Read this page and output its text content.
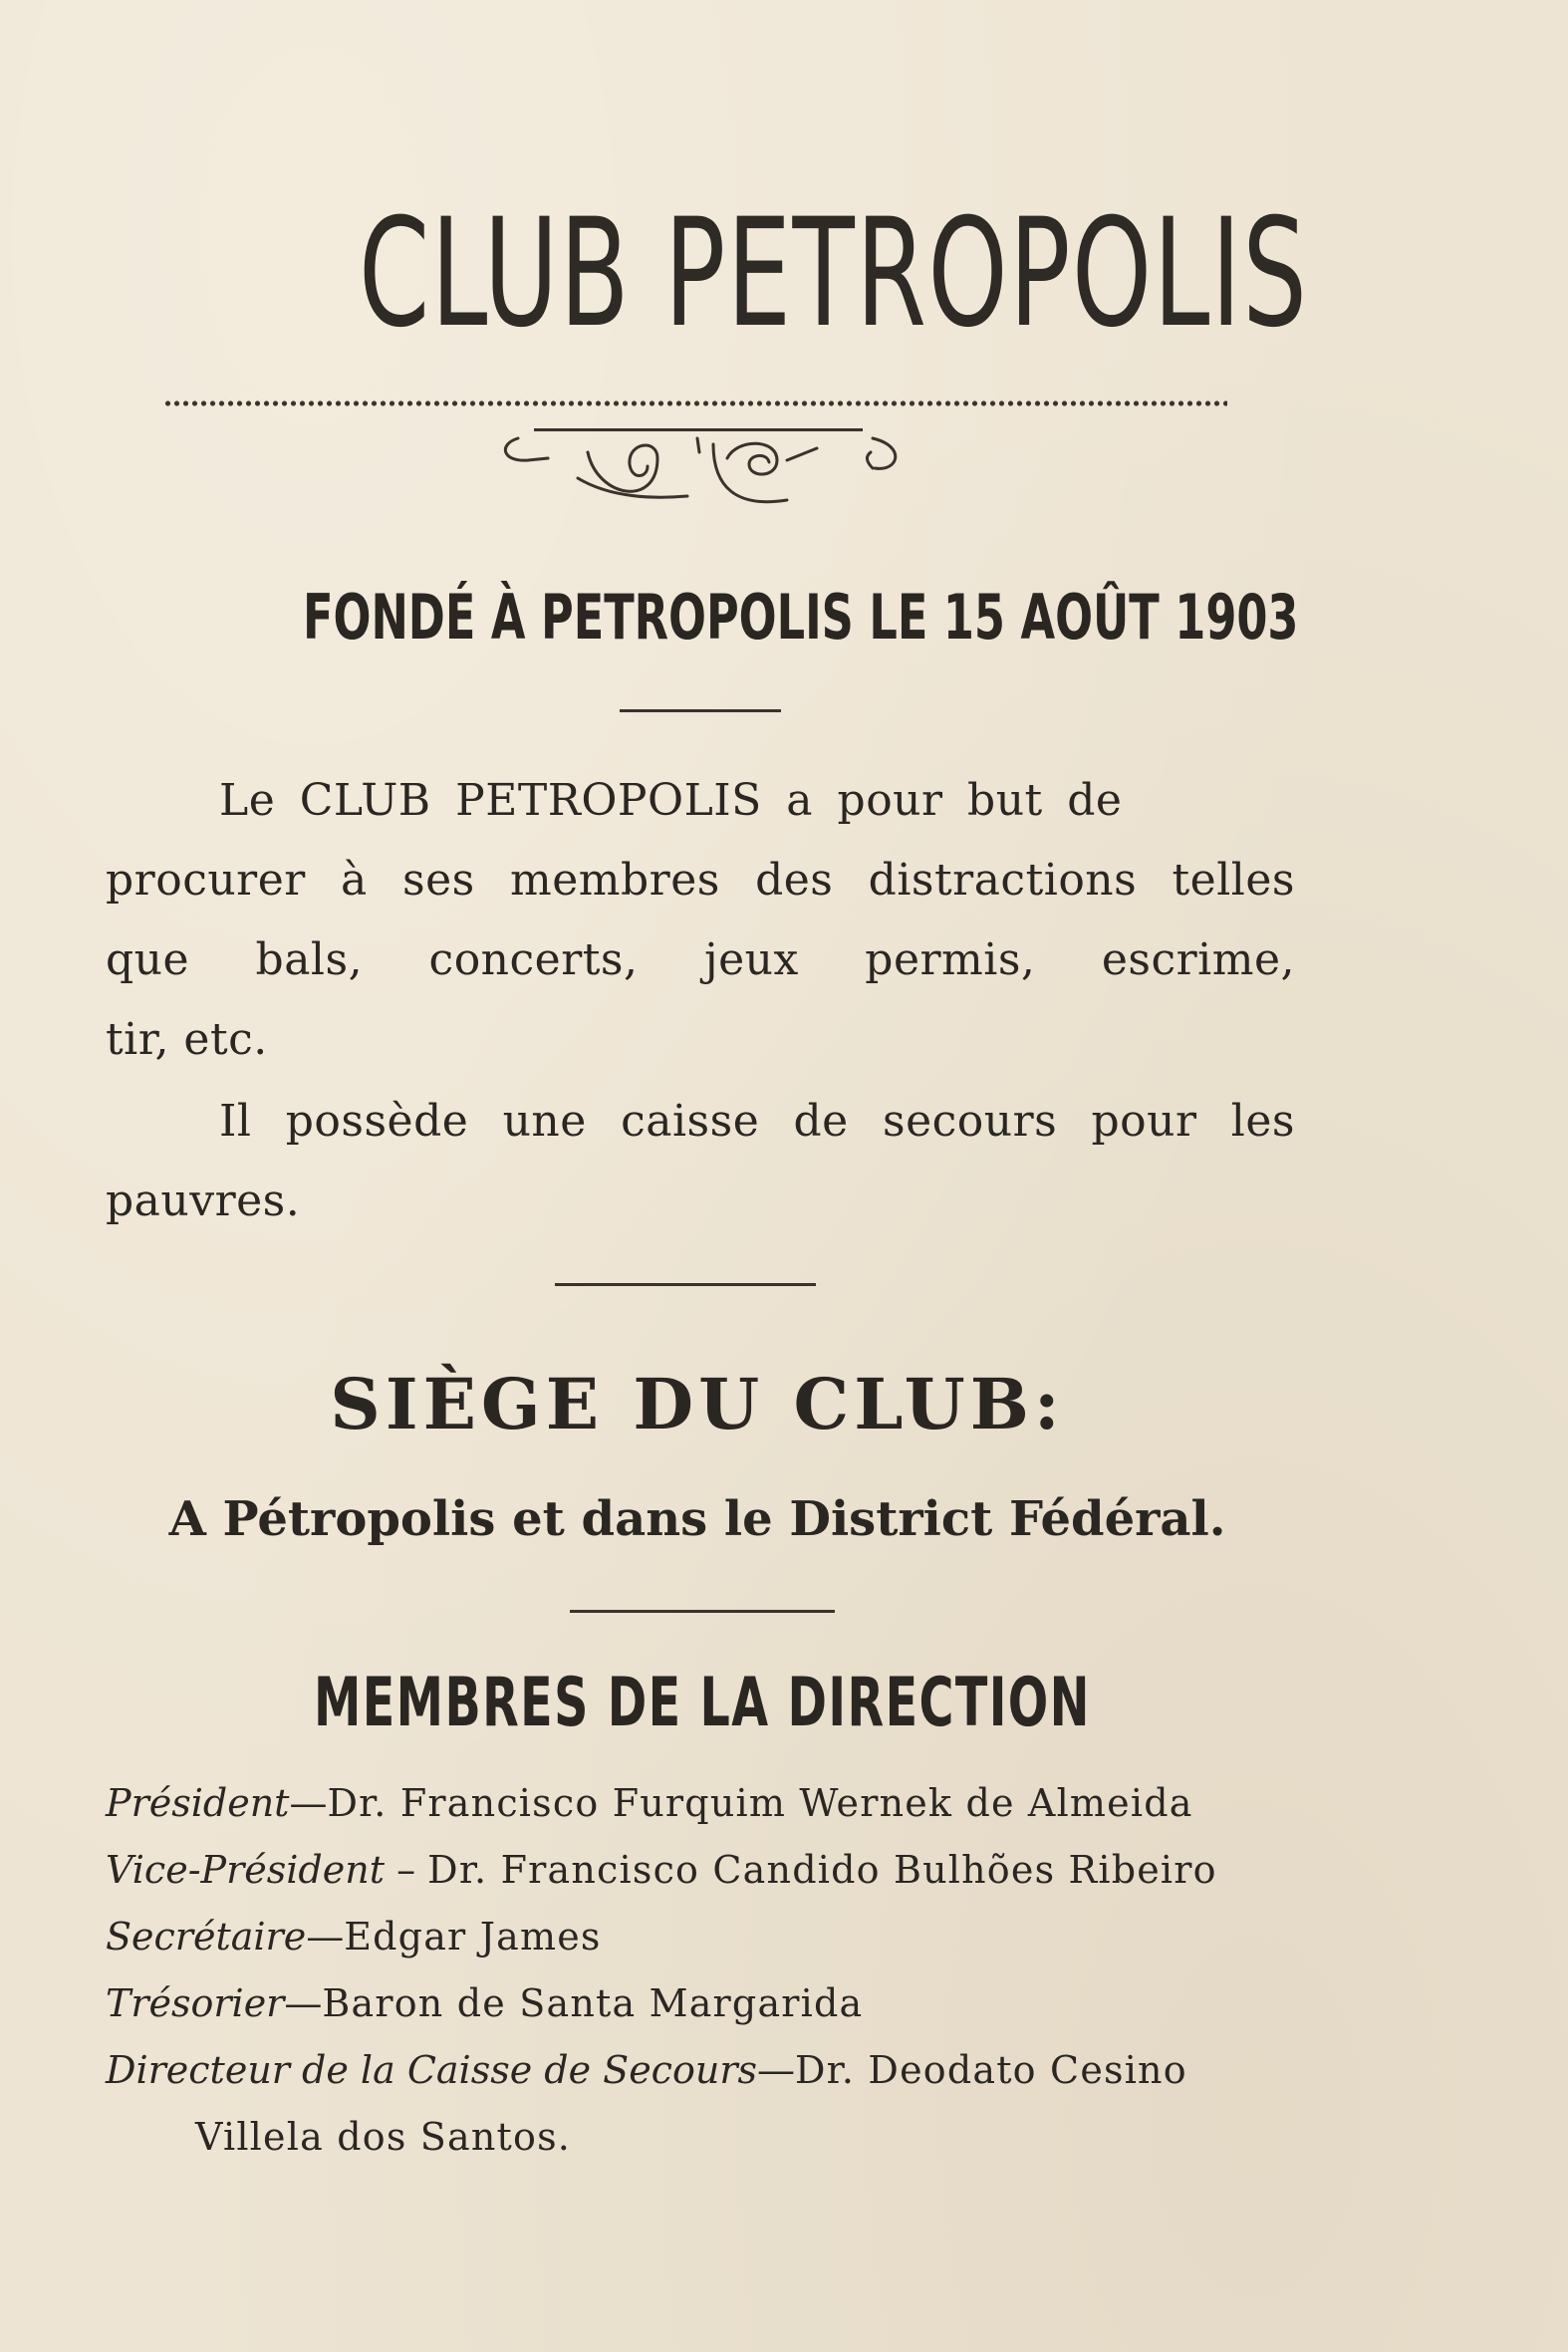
CLUB PETROPOLIS
FONDÉ À PETROPOLIS LE 15 AOÛT 1903
Le CLUB PETROPOLIS a pour but de
procurer à ses membres des distractions telles
que bals, concerts, jeux permis, escrime,
tir, etc.
Il possède une caisse de secours pour les
pauvres.
SIÈGE DU CLUB:
A Pétropolis et dans le District Fédéral.
MEMBRES DE LA DIRECTION
Président—Dr. Francisco Furquim Wernek de Almeida
Vice-Président – Dr. Francisco Candido Bulhões Ribeiro
Secrétaire—Edgar James
Trésorier—Baron de Santa Margarida
Directeur de la Caisse de Secours—Dr. Deodato Cesino
Villela dos Santos.
